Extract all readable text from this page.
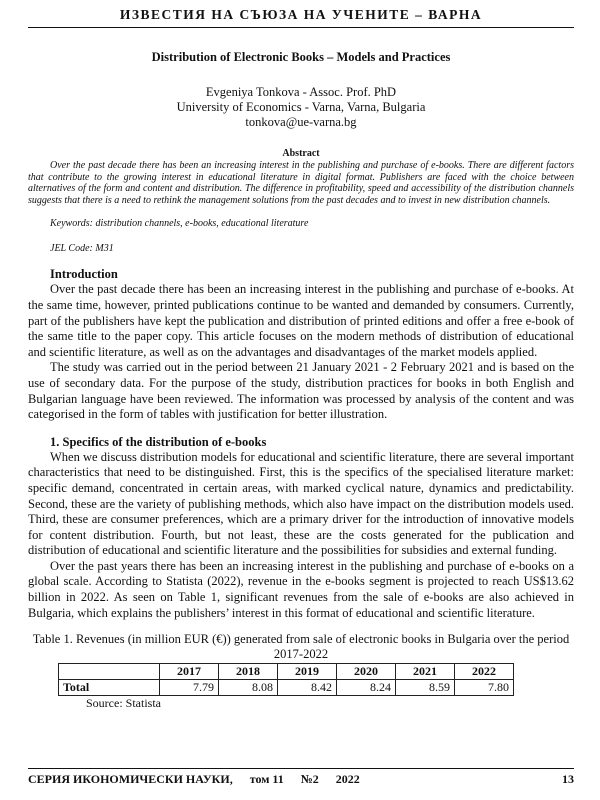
ИЗВЕСТИЯ НА СЪЮЗА НА УЧЕНИТЕ – ВАРНА
Distribution of Electronic Books – Models and Practices
Evgeniya Tonkova - Assoc. Prof. PhD
University of Economics - Varna, Varna, Bulgaria
tonkova@ue-varna.bg
Abstract

Over the past decade there has been an increasing interest in the publishing and purchase of e-books. There are different factors that contribute to the growing interest in educational literature in digital format. Publishers are faced with the choice between alternatives of the form and content and distribution. The difference in profitability, speed and accessibility of the distribution channels suggests that there is a need to rethink the management solutions from the past decades and to invest in new distribution channels.

Keywords: distribution channels, e-books, educational literature
JEL Code: M31
Introduction

Over the past decade there has been an increasing interest in the publishing and purchase of e-books. At the same time, however, printed publications continue to be wanted and demanded by consumers. Currently, part of the publishers have kept the publication and distribution of printed editions and offer a free e-book of the same title to the paper copy. This article focuses on the modern methods of distribution of educational and scientific literature, as well as on the advantages and disadvantages of the market models applied.

The study was carried out in the period between 21 January 2021 - 2 February 2021 and is based on the use of secondary data. For the purpose of the study, distribution practices for books in both English and Bulgarian language have been reviewed. The information was processed by analysis of the content and was categorised in the form of tables with justification for better illustration.

1. Specifics of the distribution of e-books

When we discuss distribution models for educational and scientific literature, there are several important characteristics that need to be distinguished. First, this is the specifics of the specialised literature market: specific demand, concentrated in certain areas, with marked cyclical nature, dynamics and predictability. Second, these are the variety of publishing methods, which also have impact on the distribution models used. Third, these are consumer preferences, which are a primary driver for the introduction of innovative models for content distribution. Fourth, but not least, these are the costs generated for the publication and distribution of educational and scientific literature and the possibilities for subsidies and external funding.

Over the past years there has been an increasing interest in the publishing and purchase of e-books on a global scale. According to Statista (2022), revenue in the e-books segment is projected to reach US$13.62 billion in 2022. As seen on Table 1, significant revenues from the sale of e-books are also achieved in Bulgaria, which explains the publishers’ interest in this format of educational and scientific literature.

Table 1. Revenues (in million EUR (€)) generated from sale of electronic books in Bulgaria over the period 2017-2022
	2017	2018	2019	2020	2021	2022
Total	7.79	8.08	8.42	8.24	8.59	7.80
Source: Statista
СЕРИЯ ИКОНОМИЧЕСКИ НАУКИ, том 11 №2 2022	13
